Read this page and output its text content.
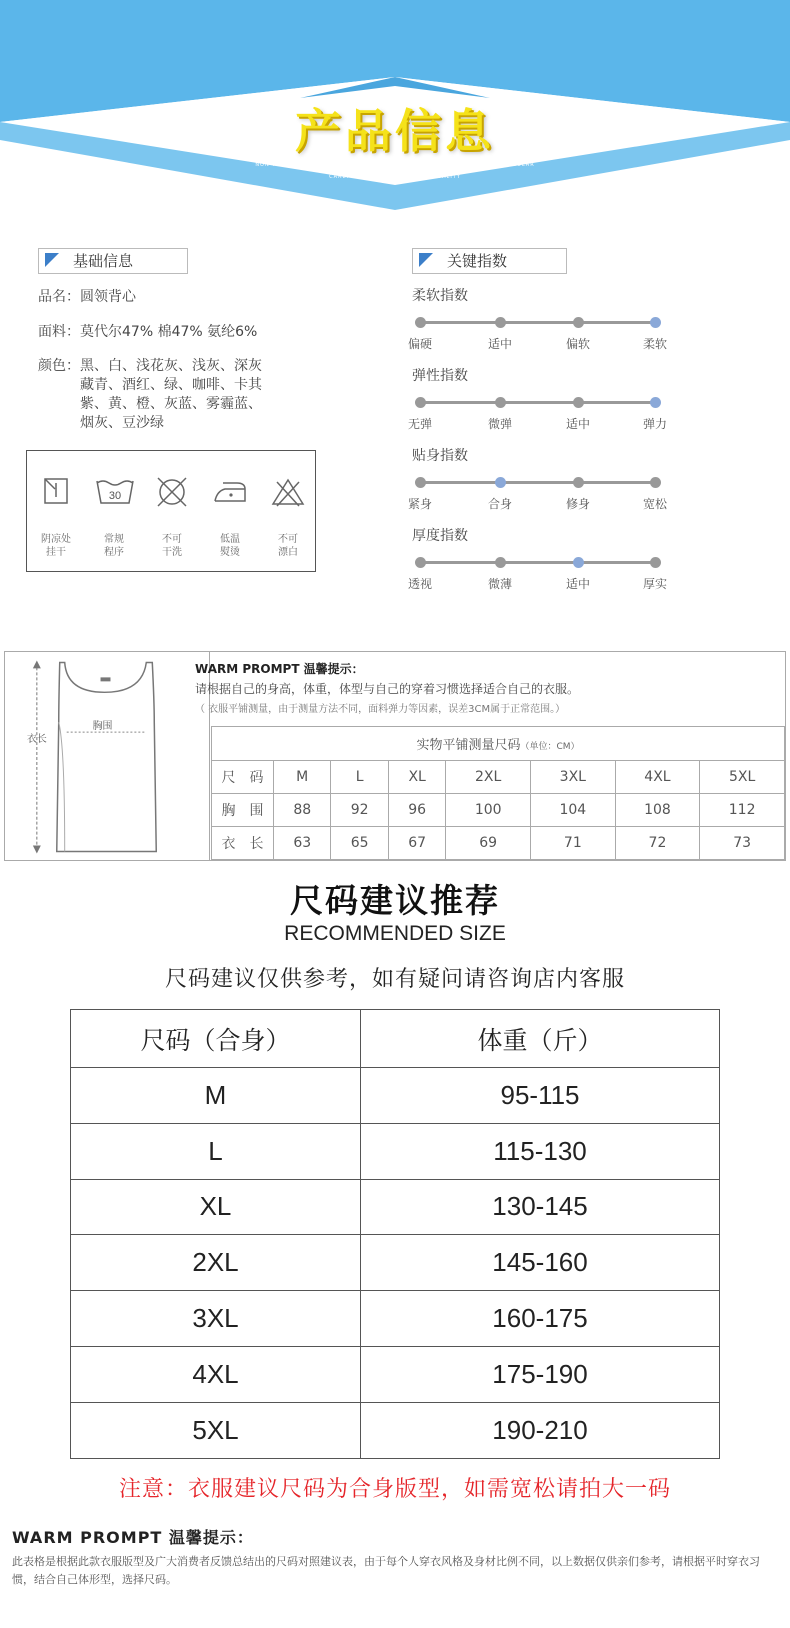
产品信息
NON WEEKLY COMFORTABLE FABRIC, NON WEEKLY FABRIC, STRENGTH TO REGULAR
CAREFUL PRODUCTION, GOOD QUALITY
基础信息
品名：圆领背心
面料：莫代尔47% 棉47% 氨纶6%
颜色： 黑、白、浅花灰、浅灰、深灰
藏青、酒红、绿、咖啡、卡其
紫、黄、橙、灰蓝、雾霾蓝、
烟灰、豆沙绿
阴凉处
挂干
30
常规
程序
不可
干洗
低温
熨烫
不可
漂白
关键指数
柔软指数
偏硬	适中	偏软	柔软
弹性指数
无弹	微弹	适中	弹力
贴身指数
紧身	合身	修身	宽松
厚度指数
透视	微薄	适中	厚实
衣长
胸围
WARM PROMPT 温馨提示：
请根据自己的身高，体重，体型与自己的穿着习惯选择适合自己的衣服。
（ 衣服平铺测量，由于测量方法不同，面料弹力等因素，误差3CM属于正常范围。）
实物平铺测量尺码（单位：CM）							
尺　码	M	L	XL	2XL	3XL	4XL	5XL
胸　围	88	92	96	100	104	108	112
衣　长	63	65	67	69	71	72	73
尺码建议推荐
RECOMMENDED SIZE
尺码建议仅供参考，如有疑问请咨询店内客服
尺码（合身）	体重（斤）
M	95-115
L	115-130
XL	130-145
2XL	145-160
3XL	160-175
4XL	175-190
5XL	190-210
注意：衣服建议尺码为合身版型，如需宽松请拍大一码
WARM PROMPT 温馨提示：
此表格是根据此款衣服版型及广大消费者反馈总结出的尺码对照建议表，由于每个人穿衣风格及身材比例不同，以上数据仅供亲们参考，请根据平时穿衣习惯，结合自己体形型，选择尺码。
